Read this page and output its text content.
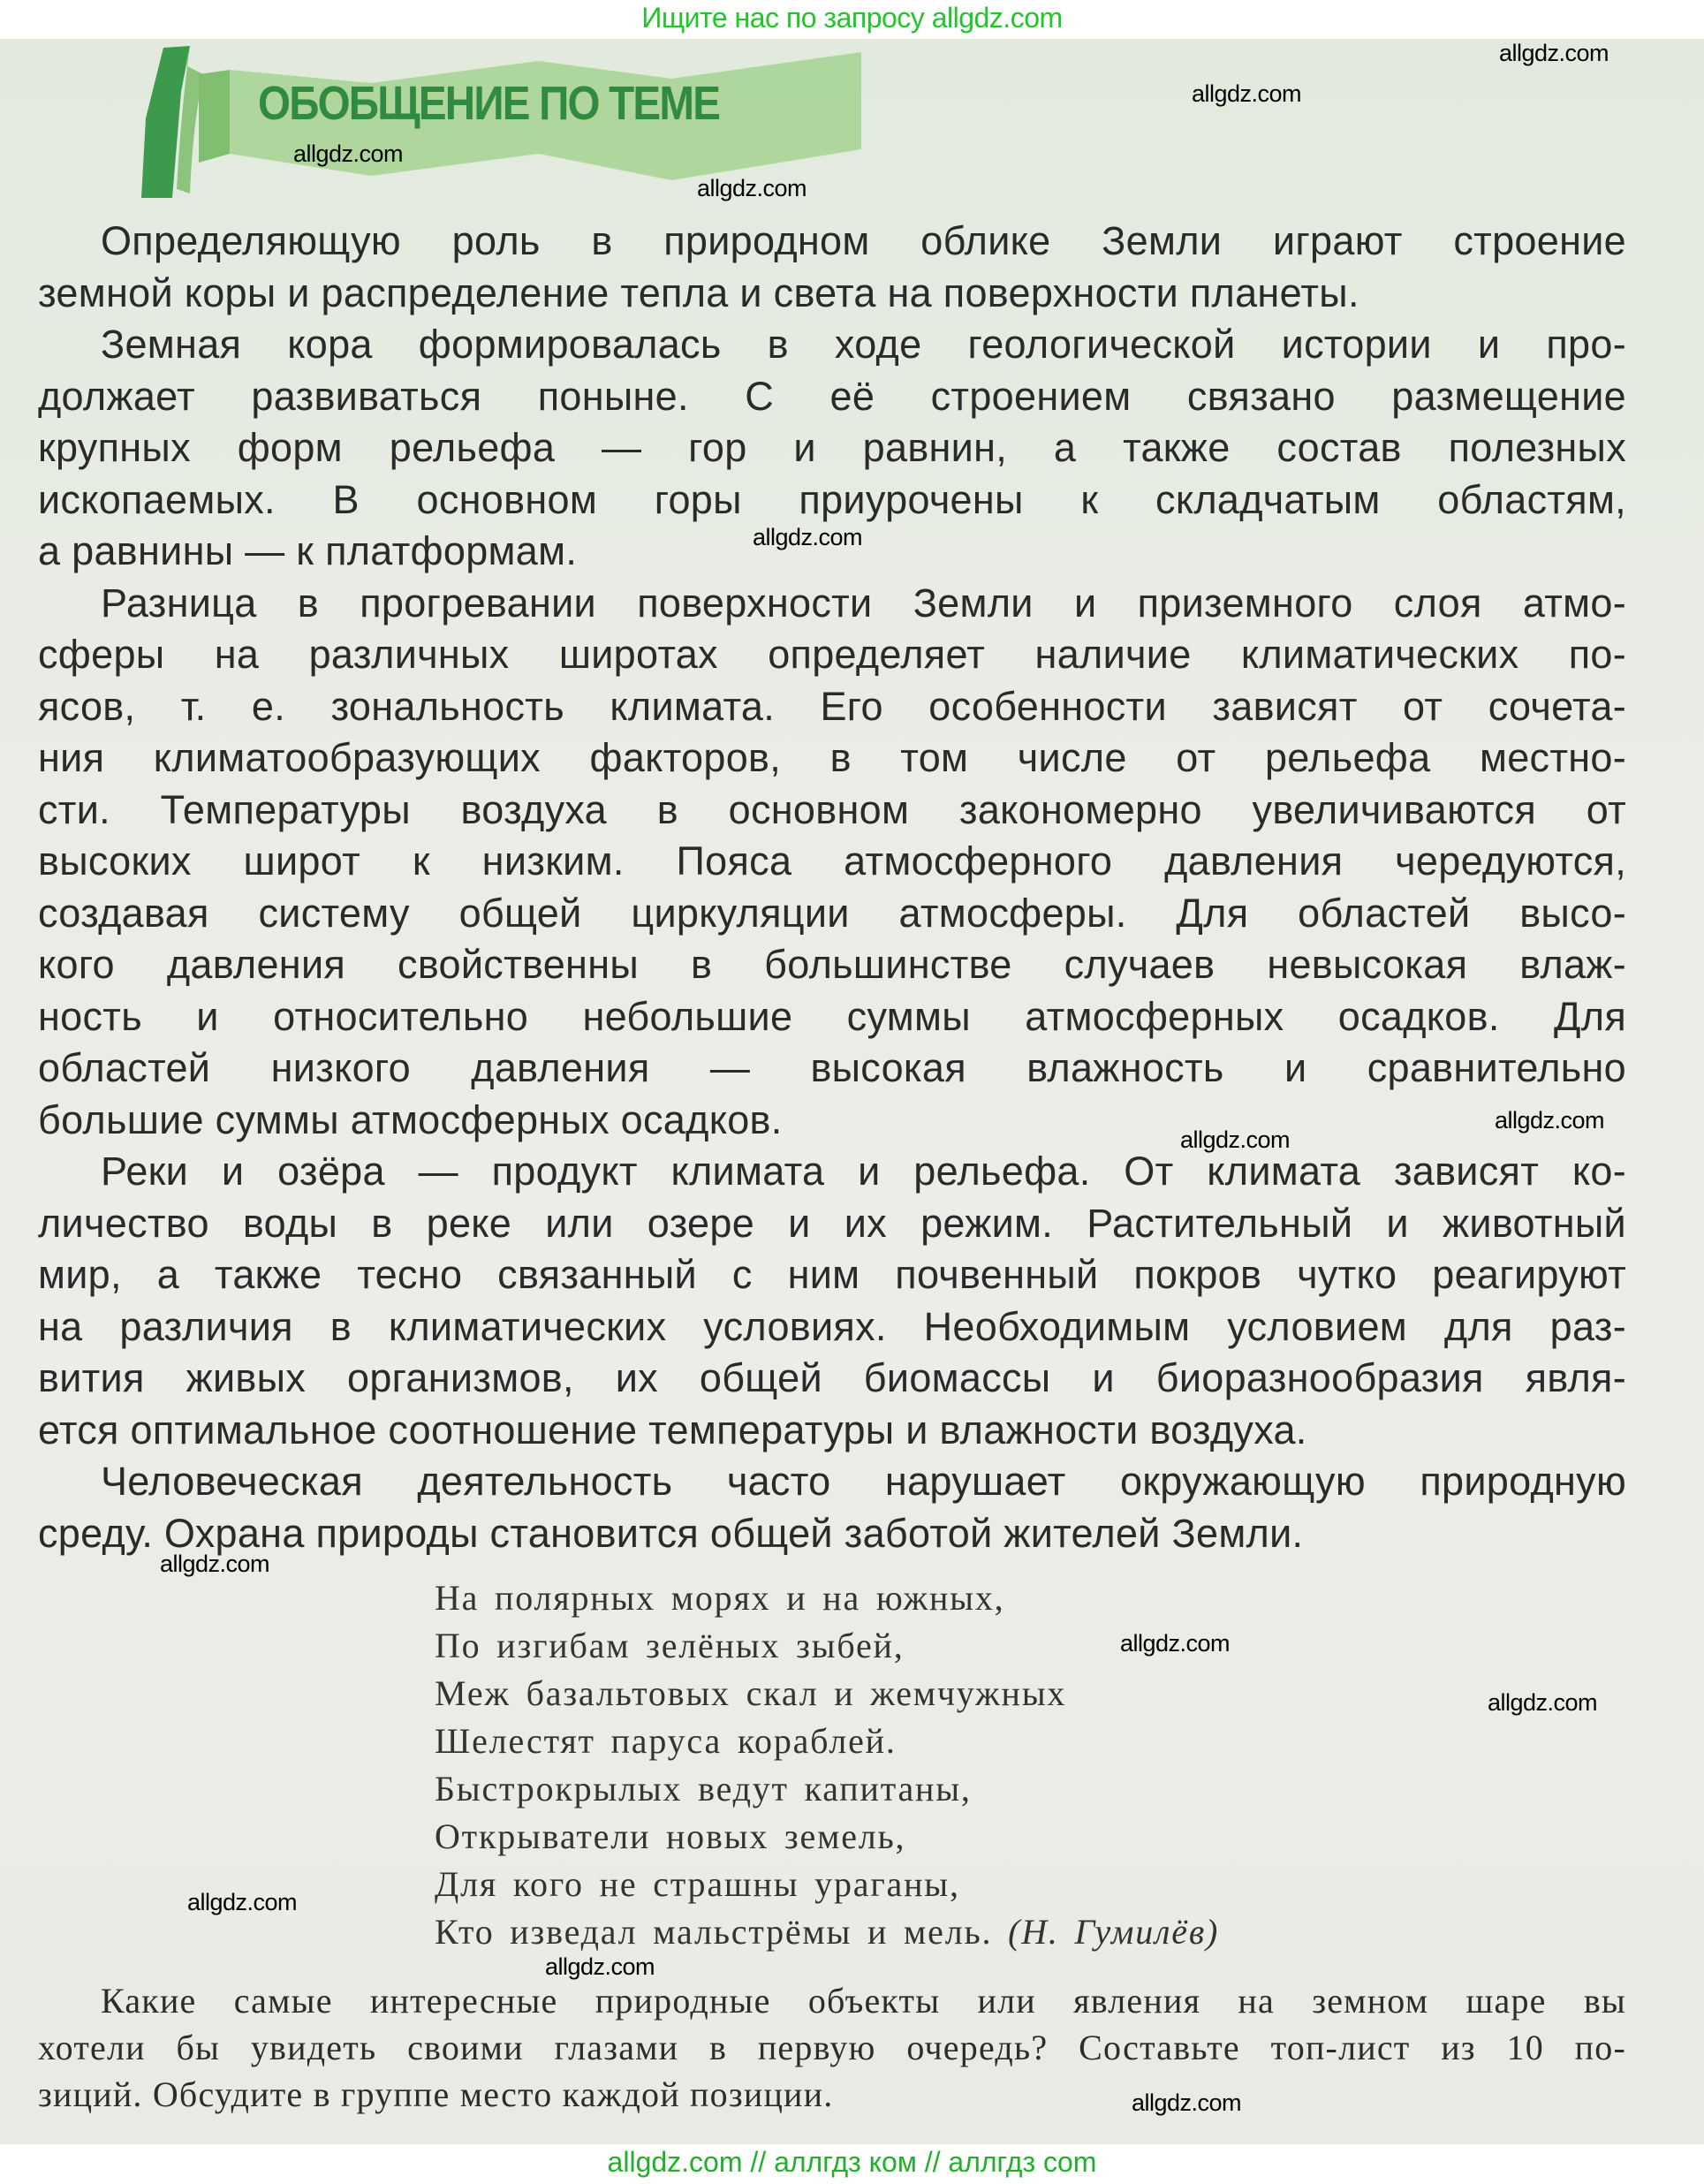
Ищите нас по запросу allgdz.com
ОБОБЩЕНИЕ ПО ТЕМЕ
Определяющую роль в природном облике Земли играют строение
земной коры и распределение тепла и света на поверхности планеты.
Земная кора формировалась в ходе геологической истории и про-
должает развиваться поныне. С её строением связано размещение
крупных форм рельефа — гор и равнин, а также состав полезных
ископаемых. В основном горы приурочены к складчатым областям,
а равнины — к платформам.
Разница в прогревании поверхности Земли и приземного слоя атмо-
сферы на различных широтах определяет наличие климатических по-
ясов, т. е. зональность климата. Его особенности зависят от сочета-
ния климатообразующих факторов, в том числе от рельефа местно-
сти. Температуры воздуха в основном закономерно увеличиваются от
высоких широт к низким. Пояса атмосферного давления чередуются,
создавая систему общей циркуляции атмосферы. Для областей высо-
кого давления свойственны в большинстве случаев невысокая влаж-
ность и относительно небольшие суммы атмосферных осадков. Для
областей низкого давления — высокая влажность и сравнительно
большие суммы атмосферных осадков.
Реки и озёра — продукт климата и рельефа. От климата зависят ко-
личество воды в реке или озере и их режим. Растительный и животный
мир, а также тесно связанный с ним почвенный покров чутко реагируют
на различия в климатических условиях. Необходимым условием для раз-
вития живых организмов, их общей биомассы и биоразнообразия явля-
ется оптимальное соотношение температуры и влажности воздуха.
Человеческая деятельность часто нарушает окружающую природную
среду. Охрана природы становится общей заботой жителей Земли.
На полярных морях и на южных,
По изгибам зелёных зыбей,
Меж базальтовых скал и жемчужных
Шелестят паруса кораблей.
Быстрокрылых ведут капитаны,
Открыватели новых земель,
Для кого не страшны ураганы,
Кто изведал мальстрёмы и мель. (Н. Гумилёв)
Какие самые интересные природные объекты или явления на земном шаре вы
хотели бы увидеть своими глазами в первую очередь? Составьте топ-лист из 10 по-
зиций. Обсудите в группе место каждой позиции.
allgdz.com
allgdz.com
allgdz.com
allgdz.com
allgdz.com
allgdz.com
allgdz.com
allgdz.com
allgdz.com
allgdz.com
allgdz.com
allgdz.com
allgdz.com
allgdz.com // аллгдз ком // аллгдз com
